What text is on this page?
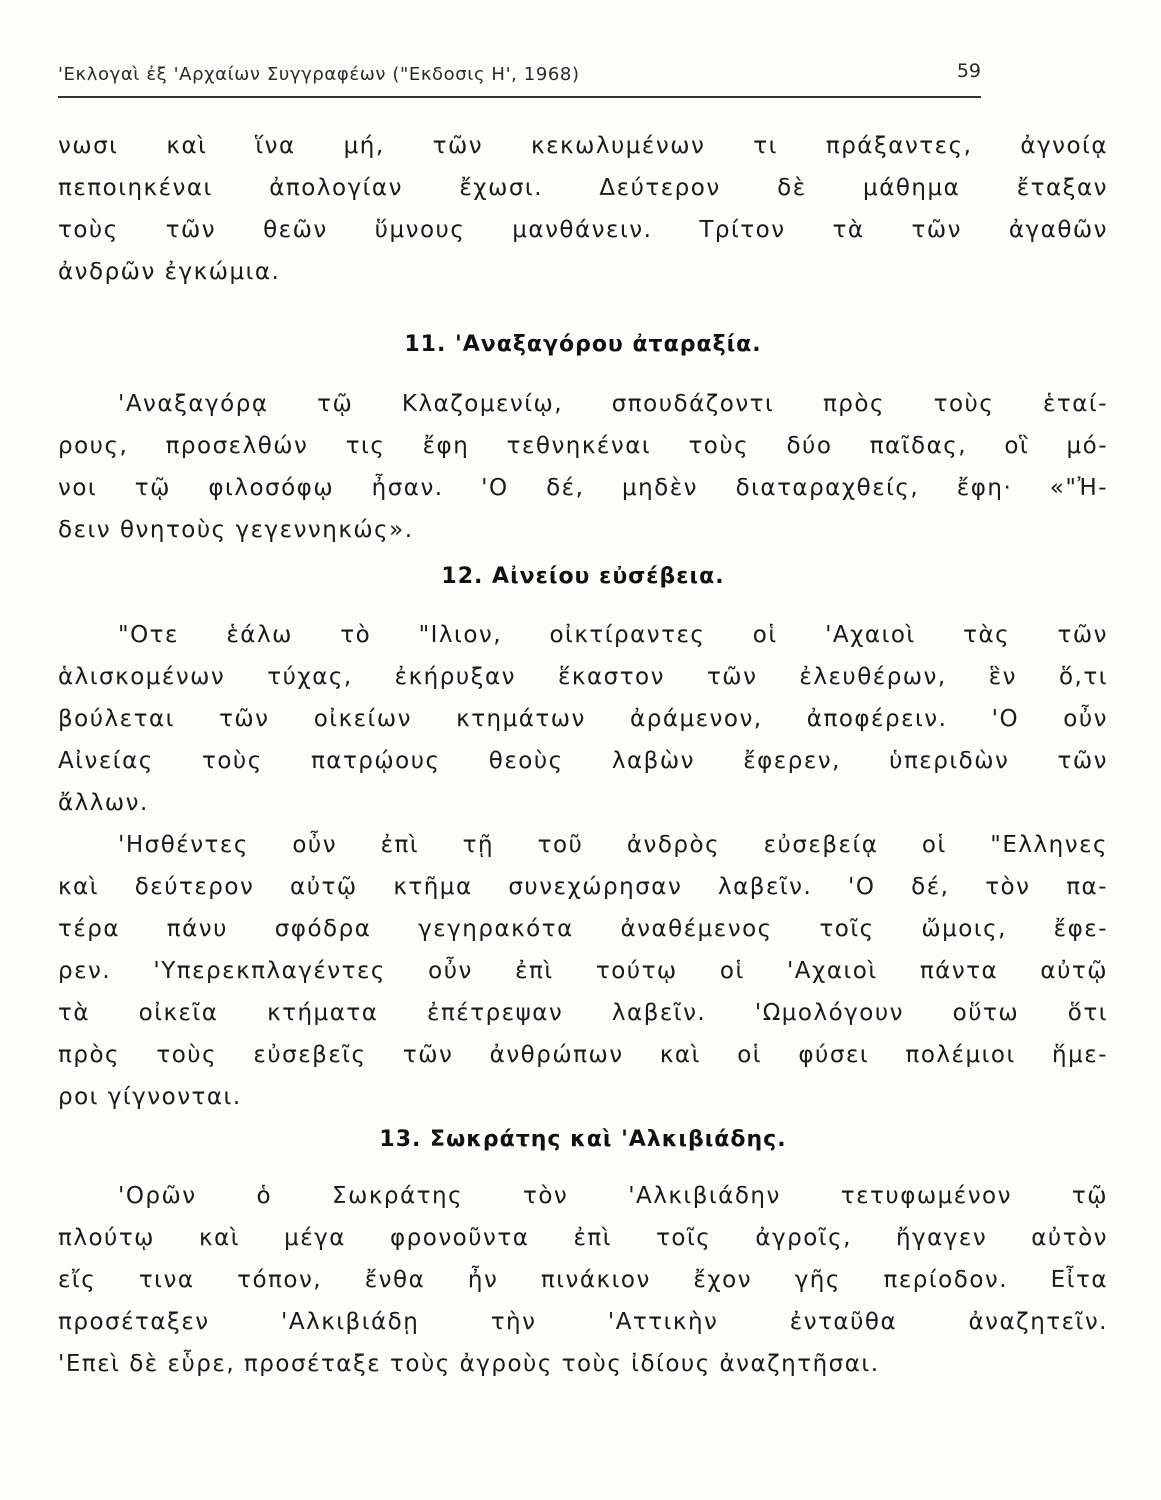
'Εκλογαὶ ἐξ 'Αρχαίων Συγγραφέων ("Εκδοσις Η', 1968)	59
νωσι καὶ ἵνα μή, τῶν κεκωλυμένων τι πράξαντες, ἀγνοίᾳ
πεποιηκέναι ἀπολογίαν ἔχωσι. Δεύτερον δὲ μάθημα ἔταξαν
τοὺς τῶν θεῶν ὕμνους μανθάνειν. Τρίτον τὰ τῶν ἀγαθῶν
ἀνδρῶν ἐγκώμια.
11. 'Αναξαγόρου ἀταραξία.
'Αναξαγόρᾳ τῷ Κλαζομενίῳ, σπουδάζοντι πρὸς τοὺς ἑταί-
ρους, προσελθών τις ἔφη τεθνηκέναι τοὺς δύο παῖδας, οἳ μό-
νοι τῷ φιλοσόφῳ ἦσαν. 'Ο δέ, μηδὲν διαταραχθείς, ἔφη· «"Ἠ-
δειν θνητοὺς γεγεννηκώς».
12. Αἰνείου εὐσέβεια.
"Οτε ἑάλω τὸ "Ιλιον, οἰκτίραντες οἱ 'Αχαιοὶ τὰς τῶν
ἁλισκομένων τύχας, ἐκήρυξαν ἕκαστον τῶν ἐλευθέρων, ἓν ὅ,τι
βούλεται τῶν οἰκείων κτημάτων ἀράμενον, ἀποφέρειν. 'Ο οὖν
Αἰνείας τοὺς πατρῴους θεοὺς λαβὼν ἔφερεν, ὑπεριδὼν τῶν
ἄλλων.
'Ησθέντες οὖν ἐπὶ τῇ τοῦ ἀνδρὸς εὐσεβείᾳ οἱ "Ελληνες
καὶ δεύτερον αὐτῷ κτῆμα συνεχώρησαν λαβεῖν. 'Ο δέ, τὸν πα-
τέρα πάνυ σφόδρα γεγηρακότα ἀναθέμενος τοῖς ὤμοις, ἔφε-
ρεν. 'Υπερεκπλαγέντες οὖν ἐπὶ τούτῳ οἱ 'Αχαιοὶ πάντα αὐτῷ
τὰ οἰκεῖα κτήματα ἐπέτρεψαν λαβεῖν. 'Ωμολόγουν οὕτω ὅτι
πρὸς τοὺς εὐσεβεῖς τῶν ἀνθρώπων καὶ οἱ φύσει πολέμιοι ἥμε-
ροι γίγνονται.
13. Σωκράτης καὶ 'Αλκιβιάδης.
'Ορῶν ὁ Σωκράτης τὸν 'Αλκιβιάδην τετυφωμένον τῷ
πλούτῳ καὶ μέγα φρονοῦντα ἐπὶ τοῖς ἀγροῖς, ἤγαγεν αὐτὸν
εἴς τινα τόπον, ἔνθα ἦν πινάκιον ἔχον γῆς περίοδον. Εἶτα
προσέταξεν 'Αλκιβιάδῃ τὴν 'Αττικὴν ἐνταῦθα ἀναζητεῖν.
'Επεὶ δὲ εὗρε, προσέταξε τοὺς ἀγροὺς τοὺς ἰδίους ἀναζητῆσαι.
